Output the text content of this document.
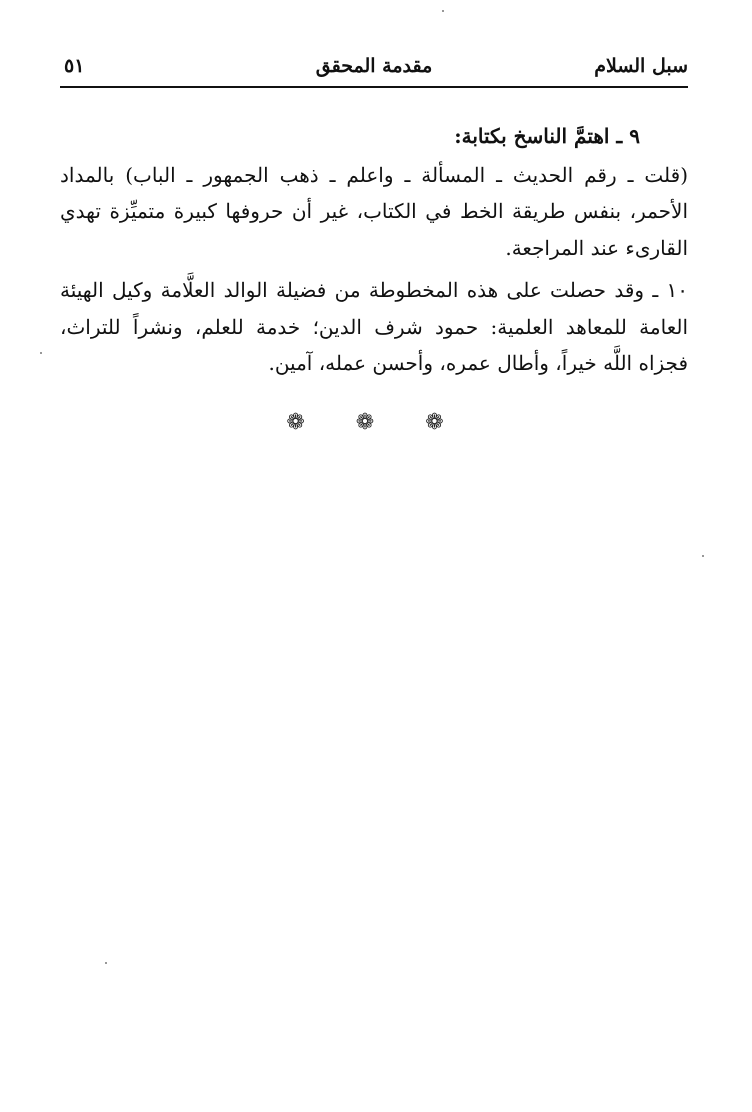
سبل السلام
مقدمة المحقق
٥١

٩ ـ اهتمَّ الناسخ بكتابة:

(قلت ـ رقم الحديث ـ المسألة ـ واعلم ـ ذهب الجمهور ـ الباب) بالمداد الأحمر، بنفس طريقة الخط في الكتاب، غير أن حروفها كبيرة متميِّزة تهدي القارىء عند المراجعة.

١٠ ـ وقد حصلت على هذه المخطوطة من فضيلة الوالد العلَّامة وكيل الهيئة العامة للمعاهد العلمية: حمود شرف الدين؛ خدمة للعلم، ونشراً للتراث، فجزاه اللَّه خيراً، وأطال عمره، وأحسن عمله، آمين.

❁ ❁ ❁
